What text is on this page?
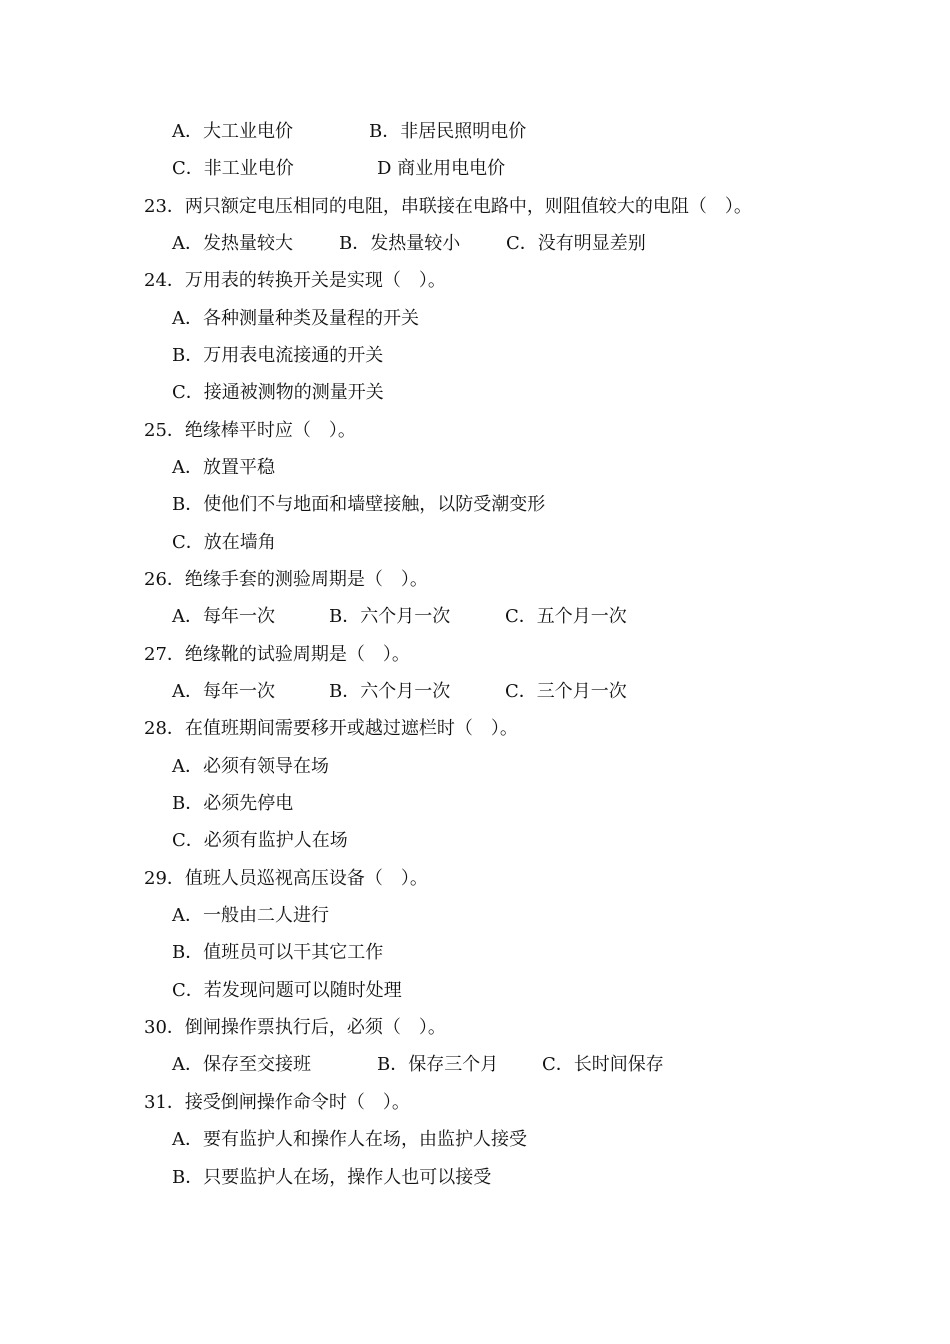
A．大工业电价	B．非居民照明电价
C．非工业电价	D 商业用电电价
23．两只额定电压相同的电阻，串联接在电路中，则阻值较大的电阻（　）。
A．发热量较大	B．发热量较小	C．没有明显差别
24．万用表的转换开关是实现（　）。
A．各种测量种类及量程的开关
B．万用表电流接通的开关
C．接通被测物的测量开关
25．绝缘棒平时应（　）。
A．放置平稳
B．使他们不与地面和墙壁接触，以防受潮变形
C．放在墙角
26．绝缘手套的测验周期是（　）。
A．每年一次	B．六个月一次	C．五个月一次
27．绝缘靴的试验周期是（　）。
A．每年一次	B．六个月一次	C．三个月一次
28．在值班期间需要移开或越过遮栏时（　）。
A．必须有领导在场
B．必须先停电
C．必须有监护人在场
29．值班人员巡视高压设备（　）。
A．一般由二人进行
B．值班员可以干其它工作
C．若发现问题可以随时处理
30．倒闸操作票执行后，必须（　）。
A．保存至交接班	B．保存三个月 C．长时间保存
31．接受倒闸操作命令时（　）。
A．要有监护人和操作人在场，由监护人接受
B．只要监护人在场，操作人也可以接受
